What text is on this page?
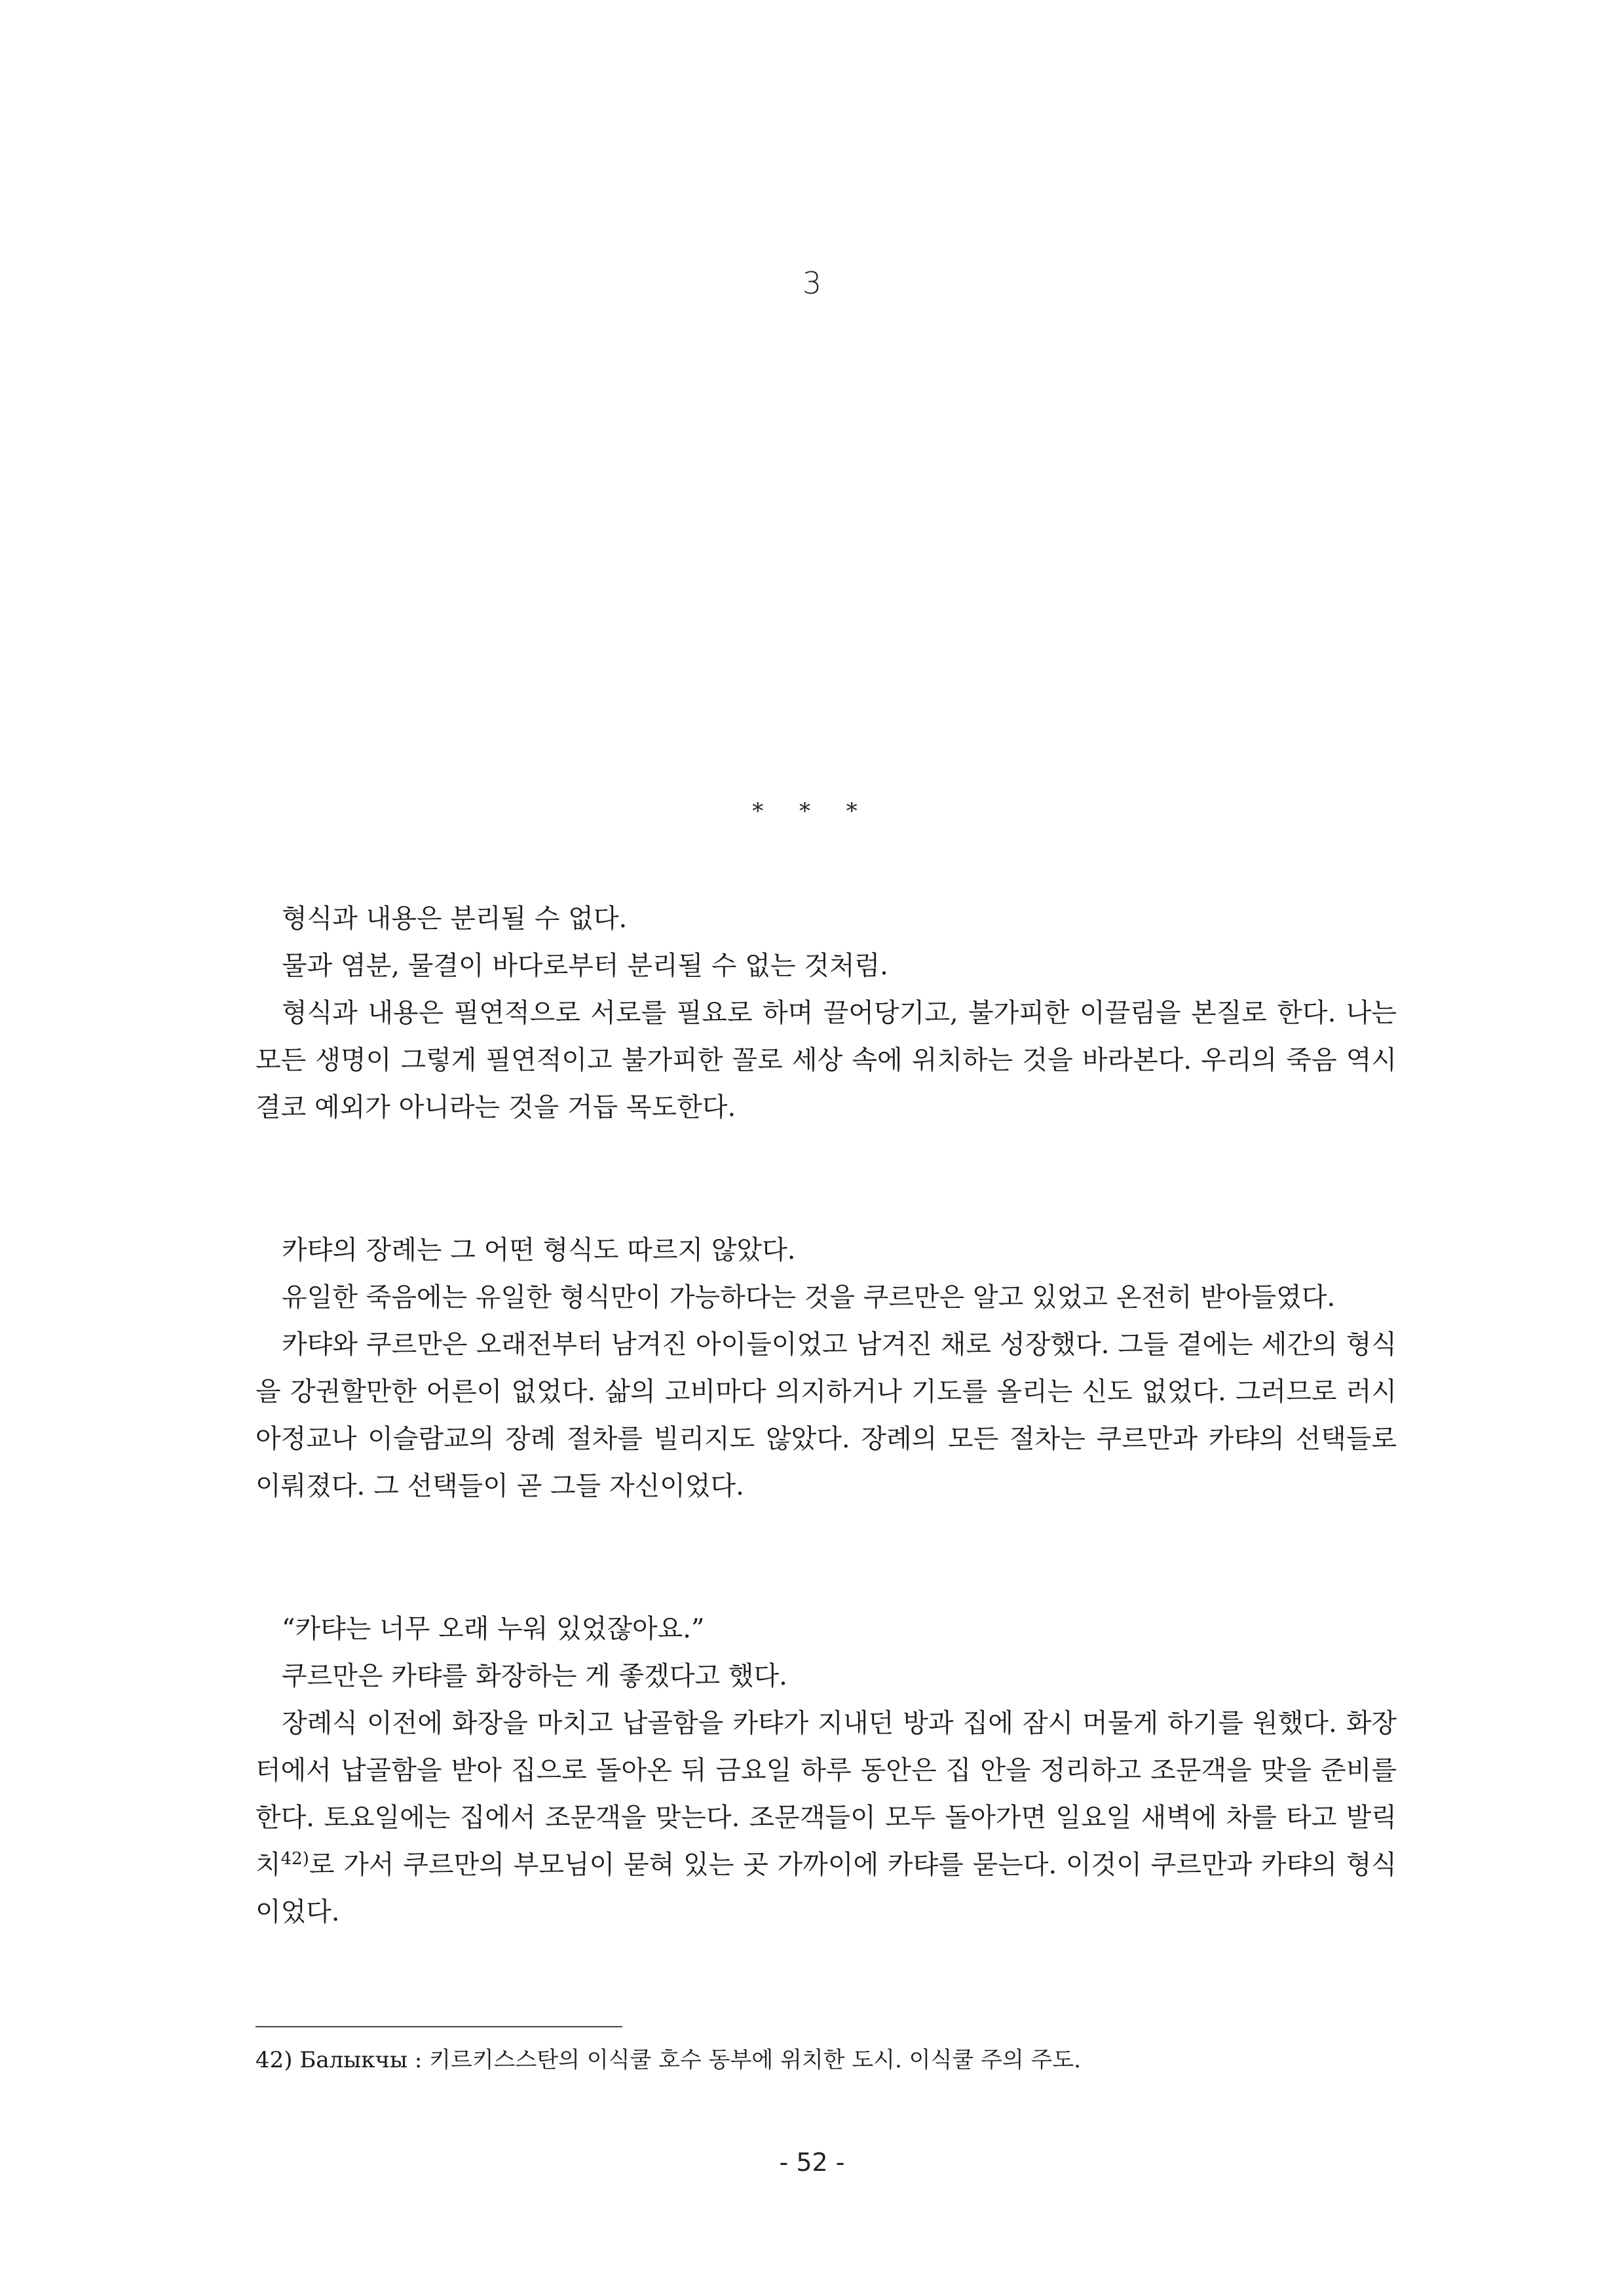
3
* * *

형식과 내용은 분리될 수 없다.

물과 염분, 물결이 바다로부터 분리될 수 없는 것처럼.

형식과 내용은 필연적으로 서로를 필요로 하며 끌어당기고, 불가피한 이끌림을 본질로 한다. 나는 모든 생명이 그렇게 필연적이고 불가피한 꼴로 세상 속에 위치하는 것을 바라본다. 우리의 죽음 역시 결코 예외가 아니라는 것을 거듭 목도한다.

카탸의 장례는 그 어떤 형식도 따르지 않았다.

유일한 죽음에는 유일한 형식만이 가능하다는 것을 쿠르만은 알고 있었고 온전히 받아들였다.

카탸와 쿠르만은 오래전부터 남겨진 아이들이었고 남겨진 채로 성장했다. 그들 곁에는 세간의 형식을 강권할만한 어른이 없었다. 삶의 고비마다 의지하거나 기도를 올리는 신도 없었다. 그러므로 러시아정교나 이슬람교의 장례 절차를 빌리지도 않았다. 장례의 모든 절차는 쿠르만과 카탸의 선택들로 이뤄졌다. 그 선택들이 곧 그들 자신이었다.

“카탸는 너무 오래 누워 있었잖아요.”

쿠르만은 카탸를 화장하는 게 좋겠다고 했다.

장례식 이전에 화장을 마치고 납골함을 카탸가 지내던 방과 집에 잠시 머물게 하기를 원했다. 화장터에서 납골함을 받아 집으로 돌아온 뒤 금요일 하루 동안은 집 안을 정리하고 조문객을 맞을 준비를 한다. 토요일에는 집에서 조문객을 맞는다. 조문객들이 모두 돌아가면 일요일 새벽에 차를 타고 발릭치$^{42)}$로 가서 쿠르만의 부모님이 묻혀 있는 곳 가까이에 카탸를 묻는다. 이것이 쿠르만과 카탸의 형식이었다.

42) Балыкчы : 키르키스스탄의 이식쿨 호수 동부에 위치한 도시. 이식쿨 주의 주도.
- 52 -
